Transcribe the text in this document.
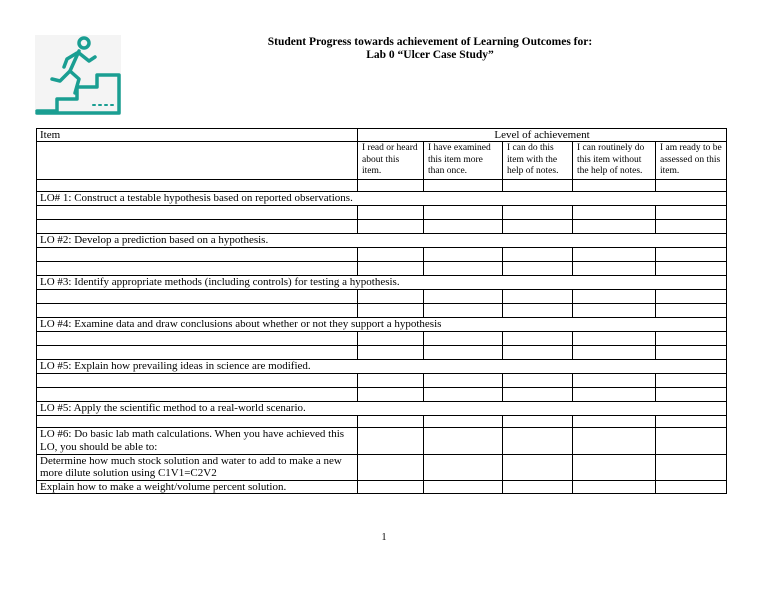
Student Progress towards achievement of Learning Outcomes for:
Lab 0 “Ulcer Case Study”
Item	Level of achievement				
	I read or heard about this item.	I have examined this item more than once.	I can do this item with the help of notes.	I can routinely do this item without the help of notes.	I am ready to be assessed on this item.

LO# 1: Construct a testable hypothesis based on reported observations.					

LO #2: Develop a prediction based on a hypothesis.					

LO #3: Identify appropriate methods (including controls) for testing a hypothesis.					

LO #4: Examine data and draw conclusions about whether or not they support a hypothesis					

LO #5: Explain how prevailing ideas in science are modified.					

LO #5: Apply the scientific method to a real-world scenario.					

LO #6: Do basic lab math calculations. When you have achieved this LO, you should be able to:					
Determine how much stock solution and water to add to make a new more dilute solution using C1V1=C2V2					
Explain how to make a weight/volume percent solution.					
1
